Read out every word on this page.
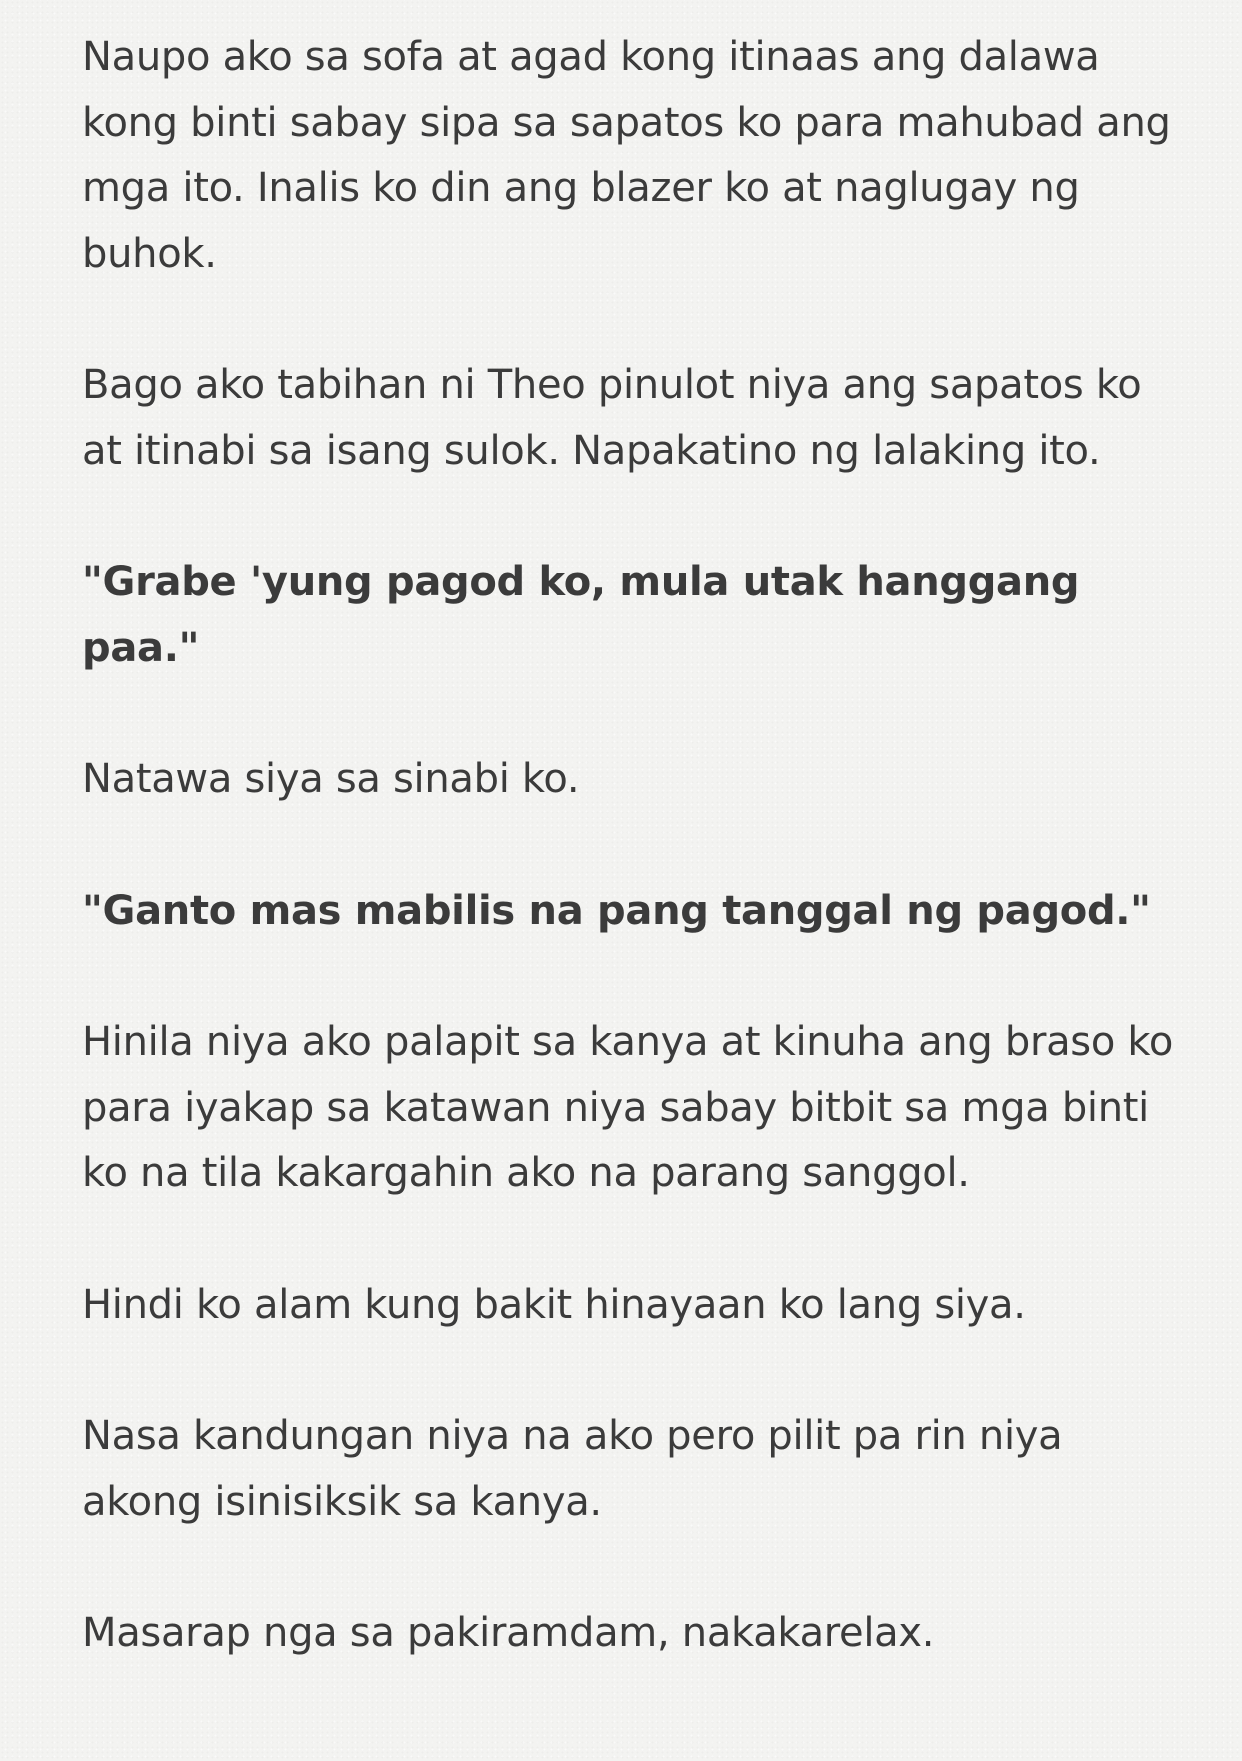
Naupo ako sa sofa at agad kong itinaas ang dalawa kong binti sabay sipa sa sapatos ko para mahubad ang mga ito. Inalis ko din ang blazer ko at naglugay ng buhok.

Bago ako tabihan ni Theo pinulot niya ang sapatos ko at itinabi sa isang sulok. Napakatino ng lalaking ito.

"Grabe 'yung pagod ko, mula utak hanggang paa."

Natawa siya sa sinabi ko.

"Ganto mas mabilis na pang tanggal ng pagod."

Hinila niya ako palapit sa kanya at kinuha ang braso ko para iyakap sa katawan niya sabay bitbit sa mga binti ko na tila kakargahin ako na parang sanggol.

Hindi ko alam kung bakit hinayaan ko lang siya.

Nasa kandungan niya na ako pero pilit pa rin niya akong isinisiksik sa kanya.

Masarap nga sa pakiramdam, nakakarelax.
